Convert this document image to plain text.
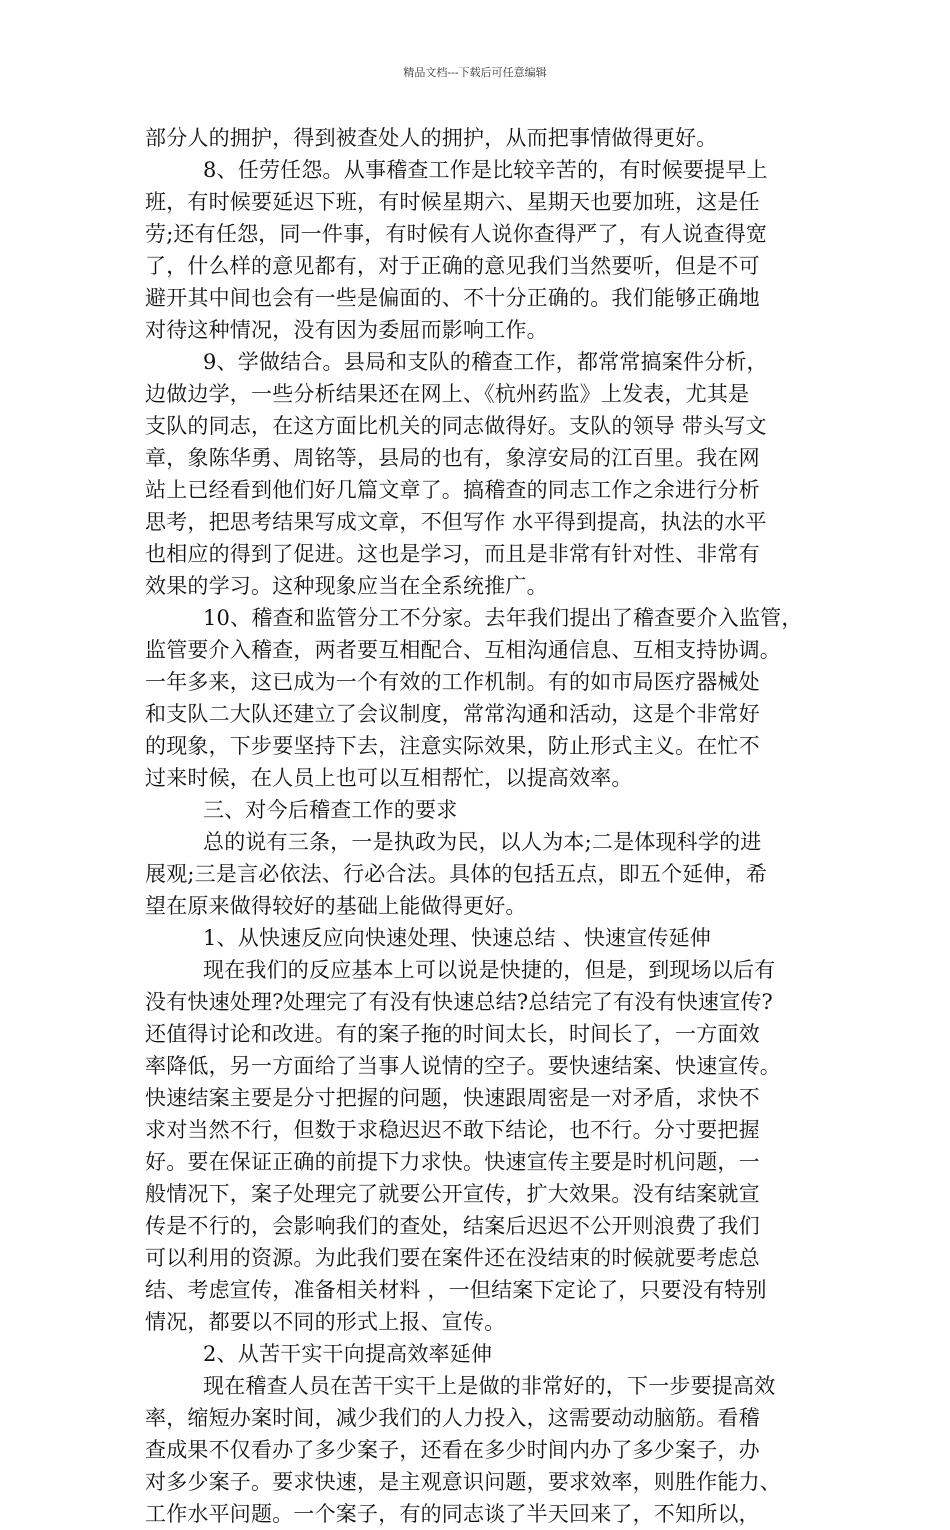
精品文档---下载后可任意编辑
部分人的拥护，得到被查处人的拥护，从而把事情做得更好。
8、任劳任怨。从事稽查工作是比较辛苦的，有时候要提早上
班，有时候要延迟下班，有时候星期六、星期天也要加班，这是任
劳;还有任怨，同一件事，有时候有人说你查得严了，有人说查得宽
了，什么样的意见都有，对于正确的意见我们当然要听，但是不可
避开其中间也会有一些是偏面的、不十分正确的。我们能够正确地
对待这种情况，没有因为委屈而影响工作。
9、学做结合。县局和支队的稽查工作，都常常搞案件分析，
边做边学，一些分析结果还在网上、《杭州药监》上发表，尤其是
支队的同志，在这方面比机关的同志做得好。支队的领导 带头写文
章，象陈华勇、周铭等，县局的也有，象淳安局的江百里。我在网
站上已经看到他们好几篇文章了。搞稽查的同志工作之余进行分析
思考，把思考结果写成文章，不但写作 水平得到提高，执法的水平
也相应的得到了促进。这也是学习，而且是非常有针对性、非常有
效果的学习。这种现象应当在全系统推广。
10、稽查和监管分工不分家。去年我们提出了稽查要介入监管，
监管要介入稽查，两者要互相配合、互相沟通信息、互相支持协调。
一年多来，这已成为一个有效的工作机制。有的如市局医疗器械处
和支队二大队还建立了会议制度，常常沟通和活动，这是个非常好
的现象，下步要坚持下去，注意实际效果，防止形式主义。在忙不
过来时候，在人员上也可以互相帮忙，以提高效率。
三、对今后稽查工作的要求
总的说有三条，一是执政为民，以人为本;二是体现科学的进
展观;三是言必依法、行必合法。具体的包括五点，即五个延伸，希
望在原来做得较好的基础上能做得更好。
1、从快速反应向快速处理、快速总结 、快速宣传延伸
现在我们的反应基本上可以说是快捷的，但是，到现场以后有
没有快速处理?处理完了有没有快速总结?总结完了有没有快速宣传?
还值得讨论和改进。有的案子拖的时间太长，时间长了，一方面效
率降低，另一方面给了当事人说情的空子。要快速结案、快速宣传。
快速结案主要是分寸把握的问题，快速跟周密是一对矛盾，求快不
求对当然不行，但数于求稳迟迟不敢下结论，也不行。分寸要把握
好。要在保证正确的前提下力求快。快速宣传主要是时机问题，一
般情况下，案子处理完了就要公开宣传，扩大效果。没有结案就宣
传是不行的，会影响我们的查处，结案后迟迟不公开则浪费了我们
可以利用的资源。为此我们要在案件还在没结束的时候就要考虑总
结、考虑宣传，准备相关材料 ，一但结案下定论了，只要没有特别
情况，都要以不同的形式上报、宣传。
2、从苦干实干向提高效率延伸
现在稽查人员在苦干实干上是做的非常好的，下一步要提高效
率，缩短办案时间，减少我们的人力投入，这需要动动脑筋。看稽
查成果不仅看办了多少案子，还看在多少时间内办了多少案子，办
对多少案子。要求快速，是主观意识问题，要求效率，则胜作能力、
工作水平问题。一个案子，有的同志谈了半天回来了，不知所以，
